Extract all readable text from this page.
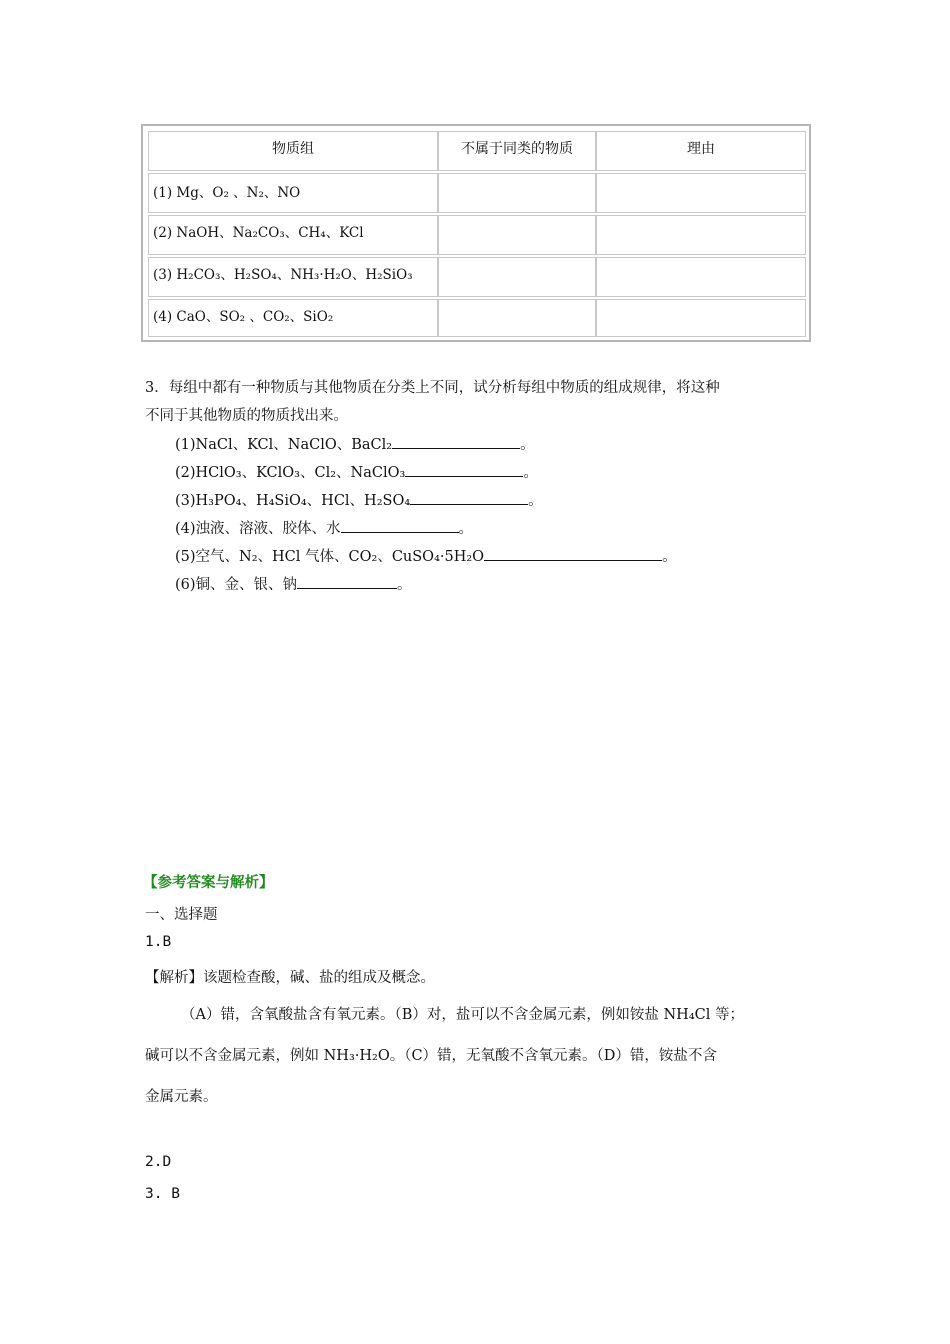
物质组	不属于同类的物质	理由
(1) Mg、O₂ 、N₂、NO
(2) NaOH、Na₂CO₃、CH₄、KCl
(3) H₂CO₃、H₂SO₄、NH₃·H₂O、H₂SiO₃
(4) CaO、SO₂ 、CO₂、SiO₂
3．每组中都有一种物质与其他物质在分类上不同，试分析每组中物质的组成规律，将这种
不同于其他物质的物质找出来。
(1)NaCl、KCl、NaClO、BaCl₂	。
(2)HClO₃、KClO₃、Cl₂、NaClO₃	。
(3)H₃PO₄、H₄SiO₄、HCl、H₂SO₄	。
(4)浊液、溶液、胶体、水	。
(5)空气、N₂、HCl 气体、CO₂、CuSO₄·5H₂O	。
(6)铜、金、银、钠	。
【参考答案与解析】
一、选择题
1.B
【解析】该题检查酸，碱、盐的组成及概念。
（A）错，含氧酸盐含有氧元素。（B）对，盐可以不含金属元素，例如铵盐 NH₄Cl 等；
碱可以不含金属元素，例如 NH₃·H₂O。（C）错，无氧酸不含氧元素。（D）错，铵盐不含
金属元素。
2.D
3. B
